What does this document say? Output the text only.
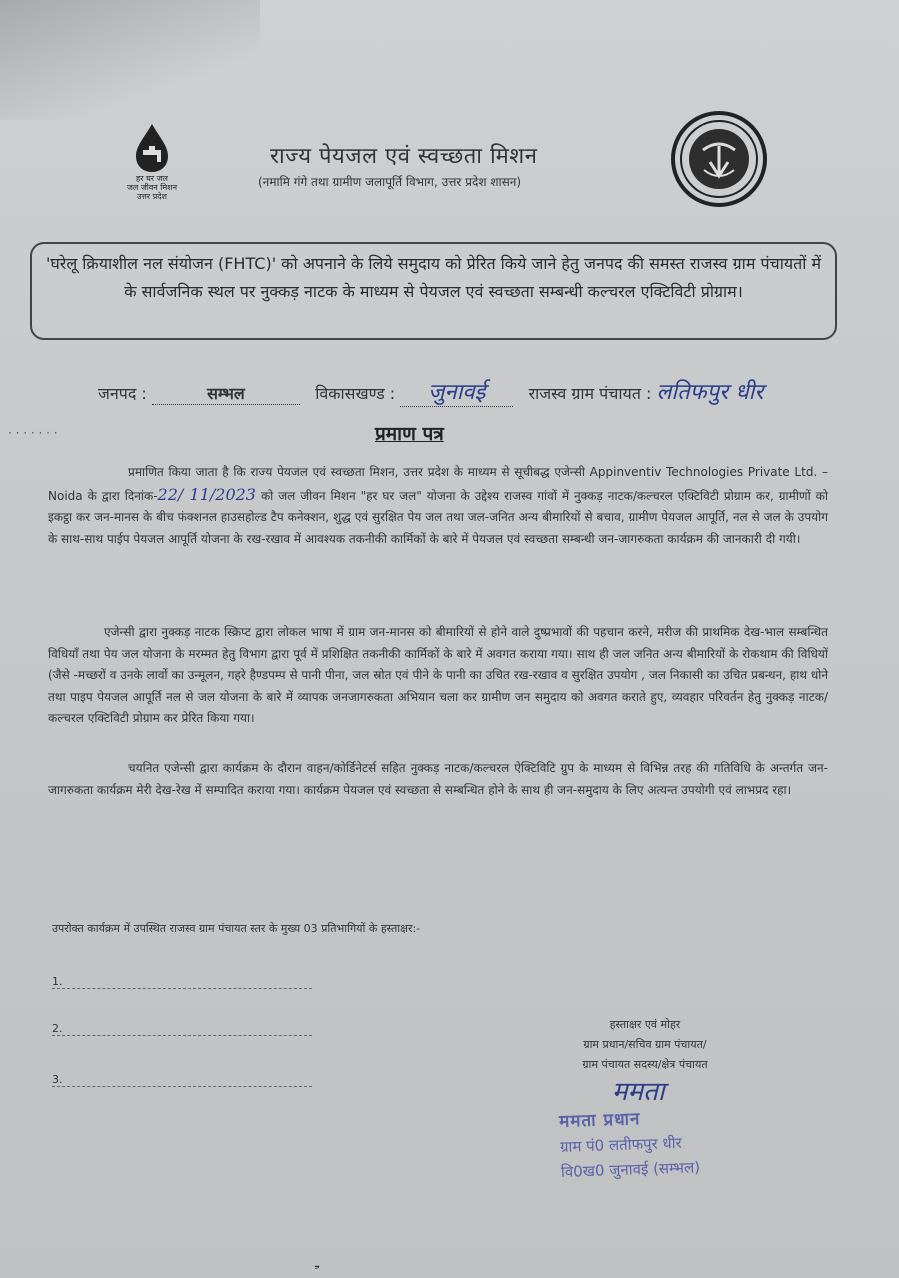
हर घर जल
जल जीवन मिशन
उत्तर प्रदेश
राज्य पेयजल एवं स्वच्छता मिशन
(नमामि गंगे तथा ग्रामीण जलापूर्ति विभाग, उत्तर प्रदेश शासन)
'घरेलू क्रियाशील नल संयोजन (FHTC)' को अपनाने के लिये समुदाय को प्रेरित किये जाने हेतु जनपद की समस्त राजस्व ग्राम पंचायतों में के सार्वजनिक स्थल पर नुक्कड़ नाटक के माध्यम से पेयजल एवं स्वच्छता सम्बन्धी कल्चरल एक्टिविटी प्रोग्राम।
जनपद :	सम्भल	विकासखण्ड : जुनावई	राजस्व ग्राम पंचायत : लतिफपुर धीर
· · · · · · ·	प्रमाण पत्र
प्रमाणित किया जाता है कि राज्य पेयजल एवं स्वच्छता मिशन, उत्तर प्रदेश के माध्यम से सूचीबद्ध एजेन्सी Appinventiv Technologies Private Ltd. – Noida के द्वारा दिनांक-22/ 11/2023 को जल जीवन मिशन "हर घर जल" योजना के उद्देश्य राजस्व गांवों में नुक्कड़ नाटक/कल्चरल एक्टिविटी प्रोग्राम कर, ग्रामीणों को इकट्ठा कर जन-मानस के बीच फंक्शनल हाउसहोल्ड टैप कनेक्शन, शुद्ध एवं सुरक्षित पेय जल तथा जल-जनित अन्य बीमारियों से बचाव, ग्रामीण पेयजल आपूर्ति, नल से जल के उपयोग के साथ-साथ पाईप पेयजल आपूर्ति योजना के रख-रखाव में आवश्यक तकनीकी कार्मिकों के बारे में पेयजल एवं स्वच्छता सम्बन्धी जन-जागरुकता कार्यक्रम की जानकारी दी गयी।
एजेन्सी द्वारा नुक्कड़ नाटक स्क्रिप्ट द्वारा लोकल भाषा में ग्राम जन-मानस को बीमारियों से होने वाले दुष्प्रभावों की पहचान करने, मरीज की प्राथमिक देख-भाल सम्बन्धित विधियाँ तथा पेय जल योजना के मरम्मत हेतु विभाग द्वारा पूर्व में प्रशिक्षित तकनीकी कार्मिकों के बारे में अवगत कराया गया। साथ ही जल जनित अन्य बीमारियों के रोकथाम की विधियों (जैसे -मच्छरों व उनके लार्वो का उन्मूलन, गहरे हैण्डपम्प से पानी पीना, जल स्रोत एवं पीने के पानी का उचित रख-रखाव व सुरक्षित उपयोग , जल निकासी का उचित प्रबन्धन, हाथ धोने तथा पाइप पेयजल आपूर्ति नल से जल योजना के बारे में व्यापक जनजागरुकता अभियान चला कर ग्रामीण जन समुदाय को अवगत कराते हुए, व्यवहार परिवर्तन हेतु नुक्कड़ नाटक/कल्चरल एक्टिविटी प्रोग्राम कर प्रेरित किया गया।
चयनित एजेन्सी द्वारा कार्यक्रम के दौरान वाहन/कोर्डिनेटर्स सहित नुक्कड़ नाटक/कल्चरल ऐक्टिविटि ग्रुप के माध्यम से विभिन्न तरह की गतिविधि के अन्तर्गत जन-जागरुकता कार्यक्रम मेरी देख-रेख में सम्पादित कराया गया। कार्यक्रम पेयजल एवं स्वच्छता से सम्बन्धित होने के साथ ही जन-समुदाय के लिए अत्यन्त उपयोगी एवं लाभप्रद रहा।
उपरोक्त कार्यक्रम में उपस्थित राजस्व ग्राम पंचायत स्तर के मुख्य 03 प्रतिभागियों के हस्ताक्षर:-
1.
2.
3.
हस्ताक्षर एवं मोहर
ग्राम प्रधान/सचिव ग्राम पंचायत/
ग्राम पंचायत सदस्य/क्षेत्र पंचायत
ममता
ममता प्रधान
ग्राम पं0 लतीफपुर धीर
वि0ख0 जुनावई (सम्भल)
ـِ
